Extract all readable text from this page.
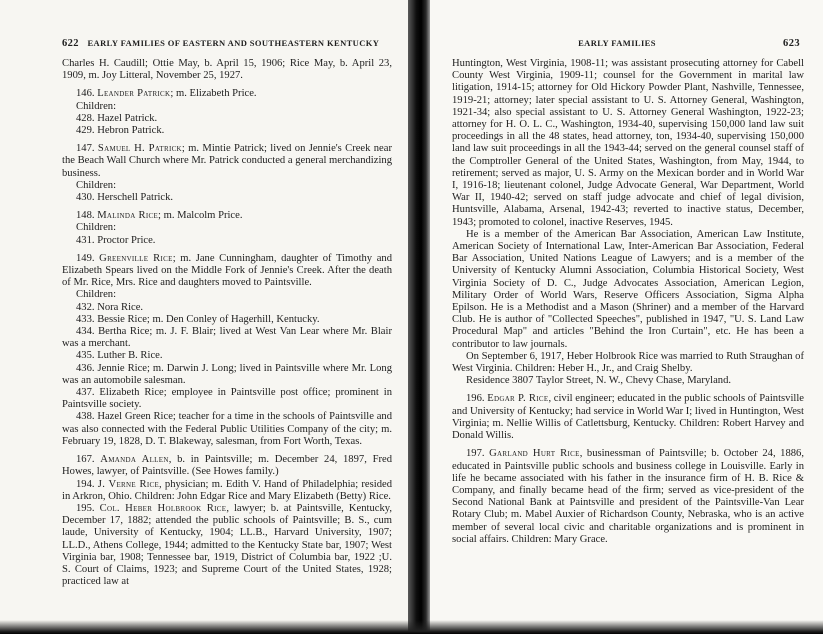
622 EARLY FAMILIES OF EASTERN AND SOUTHEASTERN KENTUCKY

Charles H. Caudill; Ottie May, b. April 15, 1906; Rice May, b. April 23, 1909, m. Joy Litteral, November 25, 1927.

146. Leander Patrick; m. Elizabeth Price.

Children:

428. Hazel Patrick.

429. Hebron Patrick.

147. Samuel H. Patrick; m. Mintie Patrick; lived on Jennie's Creek near the Beach Wall Church where Mr. Patrick conducted a general merchandizing business.

Children:

430. Herschell Patrick.

148. Malinda Rice; m. Malcolm Price.

Children:

431. Proctor Price.

149. Greenville Rice; m. Jane Cunningham, daughter of Timothy and Elizabeth Spears lived on the Middle Fork of Jennie's Creek. After the death of Mr. Rice, Mrs. Rice and daughters moved to Paintsville.

Children:

432. Nora Rice.

433. Bessie Rice; m. Den Conley of Hagerhill, Kentucky.

434. Bertha Rice; m. J. F. Blair; lived at West Van Lear where Mr. Blair was a merchant.

435. Luther B. Rice.

436. Jennie Rice; m. Darwin J. Long; lived in Paintsville where Mr. Long was an automobile salesman.

437. Elizabeth Rice; employee in Paintsville post office; prominent in Paintsville society.

438. Hazel Green Rice; teacher for a time in the schools of Paintsville and was also connected with the Federal Public Utilities Company of the city; m. February 19, 1828, D. T. Blakeway, salesman, from Fort Worth, Texas.

167. Amanda Allen, b. in Paintsville; m. December 24, 1897, Fred Howes, lawyer, of Paintsville. (See Howes family.)

194. J. Verne Rice, physician; m. Edith V. Hand of Philadelphia; resided in Arkron, Ohio. Children: John Edgar Rice and Mary Elizabeth (Betty) Rice.

195. Col. Heber Holbrook Rice, lawyer; b. at Paintsville, Kentucky, December 17, 1882; attended the public schools of Paintsville; B. S., cum laude, University of Kentucky, 1904; LL.B., Harvard University, 1907; LL.D., Athens College, 1944; admitted to the Kentucky State bar, 1907; West Virginia bar, 1908; Tennessee bar, 1919, District of Columbia bar, 1922 ;U. S. Court of Claims, 1923; and Supreme Court of the United States, 1928; practiced law at

EARLY FAMILIES	623

Huntington, West Virginia, 1908-11; was assistant prosecuting attorney for Cabell County West Virginia, 1909-11; counsel for the Government in marital law litigation, 1914-15; attorney for Old Hickory Powder Plant, Nashville, Tennessee, 1919-21; attorney; later special assistant to U. S. Attorney General, Washington, 1921-34; also special assistant to U. S. Attorney General Washington, 1922-23; attorney for H. O. L. C., Washington, 1934-40, supervising 150,000 land law suit proceedings in all the 48 states, head attorney, ton, 1934-40, supervising 150,000 land law suit proceedings in all the 1943-44; served on the general counsel staff of the Comptroller General of the United States, Washington, from May, 1944, to retirement; served as major, U. S. Army on the Mexican border and in World War I, 1916-18; lieutenant colonel, Judge Advocate General, War Department, World War II, 1940-42; served on staff judge advocate and chief of legal division, Huntsville, Alabama, Arsenal, 1942-43; reverted to inactive status, December, 1943; promoted to colonel, inactive Reserves, 1945.

He is a member of the American Bar Association, American Law Institute, American Society of International Law, Inter-American Bar Association, Federal Bar Association, United Nations League of Lawyers; and is a member of the University of Kentucky Alumni Association, Columbia Historical Society, West Virginia Society of D. C., Judge Advocates Association, American Legion, Military Order of World Wars, Reserve Officers Association, Sigma Alpha Epilson. He is a Methodist and a Mason (Shriner) and a member of the Harvard Club. He is author of "Collected Speeches", published in 1947, "U. S. Land Law Procedural Map" and articles "Behind the Iron Curtain", etc. He has been a contributor to law journals.

On September 6, 1917, Heber Holbrook Rice was married to Ruth Straughan of West Virginia. Children: Heber H., Jr., and Craig Shelby.

Residence 3807 Taylor Street, N. W., Chevy Chase, Maryland.

196. Edgar P. Rice, civil engineer; educated in the public schools of Paintsville and University of Kentucky; had service in World War I; lived in Huntington, West Virginia; m. Nellie Willis of Catlettsburg, Kentucky. Children: Robert Harvey and Donald Willis.

197. Garland Hurt Rice, businessman of Paintsville; b. October 24, 1886, educated in Paintsville public schools and business college in Louisville. Early in life he became associated with his father in the insurance firm of H. B. Rice & Company, and finally became head of the firm; served as vice-president of the Second National Bank at Paintsville and president of the Paintsville-Van Lear Rotary Club; m. Mabel Auxier of Richardson County, Nebraska, who is an active member of several local civic and charitable organizations and is prominent in social affairs. Children: Mary Grace.
